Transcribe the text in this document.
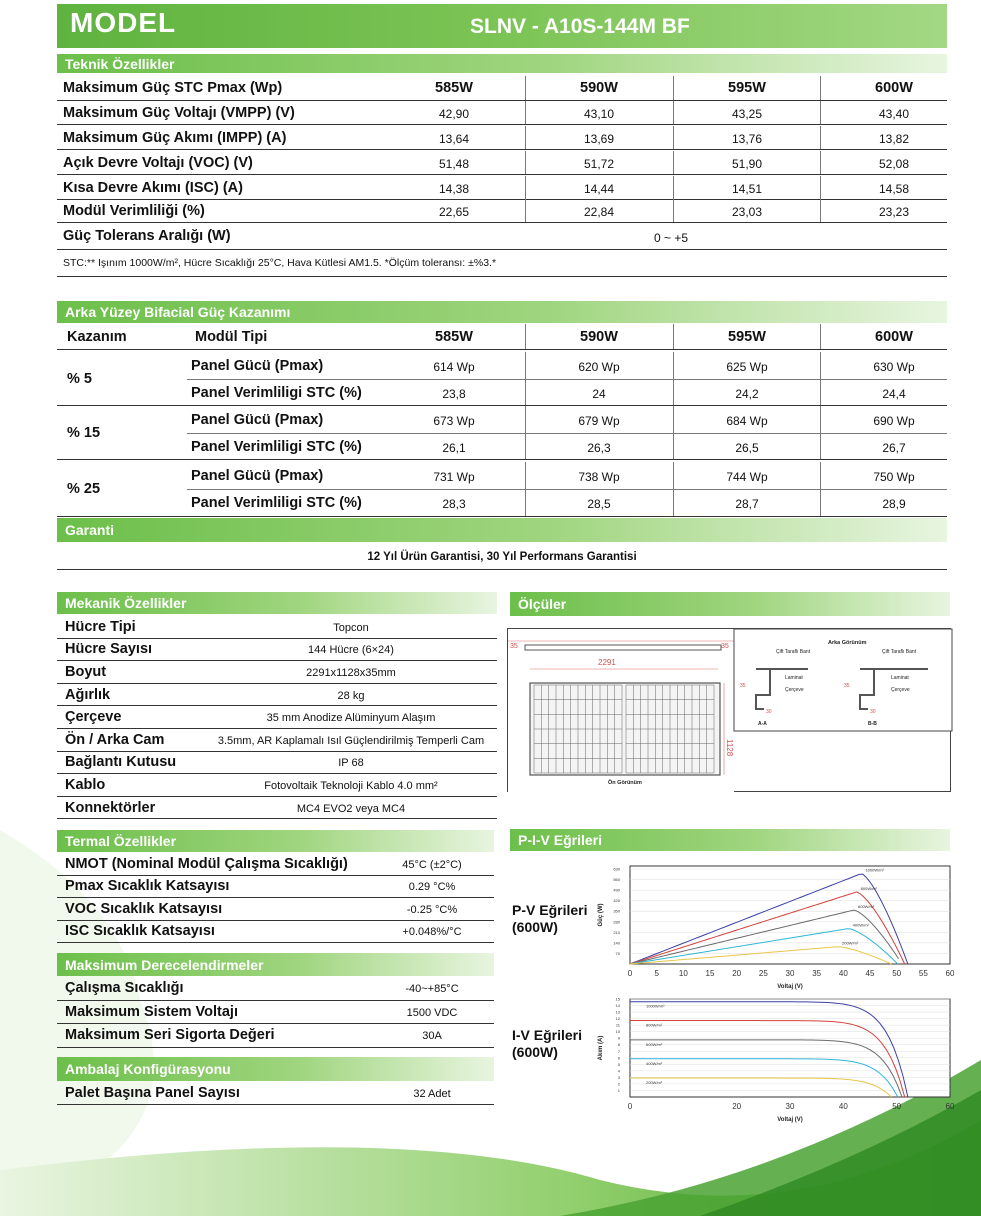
MODEL	SLNV - A10S-144M BF
Teknik Özellikler
Maksimum Güç STC Pmax (Wp)	585W	590W	595W	600W
Maksimum Güç Voltajı (VMPP) (V)	42,90	43,10	43,25	43,40
Maksimum Güç Akımı (IMPP) (A)	13,64	13,69	13,76	13,82
Açık Devre Voltajı (VOC) (V)	51,48	51,72	51,90	52,08
Kısa Devre Akımı (ISC) (A)	14,38	14,44	14,51	14,58
Modül Verimliliği (%)	22,65	22,84	23,03	23,23
Güç Tolerans Aralığı (W)	0 ~ +5
STC:** Işınım 1000W/m², Hücre Sıcaklığı 25°C, Hava Kütlesi AM1.5. *Ölçüm toleransı: ±%3.*
Arka Yüzey Bifacial Güç Kazanımı
Kazanım	Modül Tipi	585W	590W	595W	600W
% 5
Panel Gücü (Pmax)	614 Wp	620 Wp	625 Wp	630 Wp
Panel Verimliligi STC (%)	23,8	24	24,2	24,4
% 15
Panel Gücü (Pmax)	673 Wp	679 Wp	684 Wp	690 Wp
Panel Verimliligi STC (%)	26,1	26,3	26,5	26,7
% 25
Panel Gücü (Pmax)	731 Wp	738 Wp	744 Wp	750 Wp
Panel Verimliligi STC (%)	28,3	28,5	28,7	28,9
Garanti
12 Yıl Ürün Garantisi, 30 Yıl Performans Garantisi
Mekanik Özellikler
Hücre Tipi	Topcon
Hücre Sayısı	144 Hücre (6×24)
Boyut	2291x1128x35mm
Ağırlık	28 kg
Çerçeve	35 mm Anodize Alüminyum Alaşım
Ön / Arka Cam	3.5mm, AR Kaplamalı Isıl Güçlendirilmiş Temperli Cam
Bağlantı Kutusu	IP 68
Kablo	Fotovoltaik Teknoloji Kablo 4.0 mm²
Konnektörler	MC4 EVO2 veya MC4
Termal Özellikler
NMOT (Nominal Modül Çalışma Sıcaklığı)	45°C (±2°C)
Pmax Sıcaklık Katsayısı	0.29 °C%
VOC Sıcaklık Katsayısı	-0.25 °C%
ISC Sıcaklık Katsayısı	+0.048%/°C
Maksimum Derecelendirmeler
Çalışma Sıcaklığı	-40~+85°C
Maksimum Sistem Voltajı	1500 VDC
Maksimum Seri Sigorta Değeri	30A
Ambalaj Konfigürasyonu
Palet Başına Panel Sayısı	32 Adet
Ölçüler
35	35
2291
1128
Ön Görünüm
Arka Görünüm
Çift Taraflı Bant
Laminat
Çerçeve
35
30
A-A
Çift Taraflı Bant
Laminat
Çerçeve
35
30
B-B
P-I-V Eğrileri
P-V Eğrileri (600W)
I-V Eğrileri (600W)
70
140
210
280
350
420
490
560
630
0	5 10 15 20 25 30 35 40 45 50 55 60
Voltaj (V)
Güç (W)
1000W/m²
800W/m²
600W/m²
400W/m²
200W/m²
1
2
3
4
5
6
7
8
9
10
11
12
13
14
15
0	20	30	40	50	60
Voltaj (V)
Akım (A)
1000W/m²
800W/m²
600W/m²
400W/m²
200W/m²
